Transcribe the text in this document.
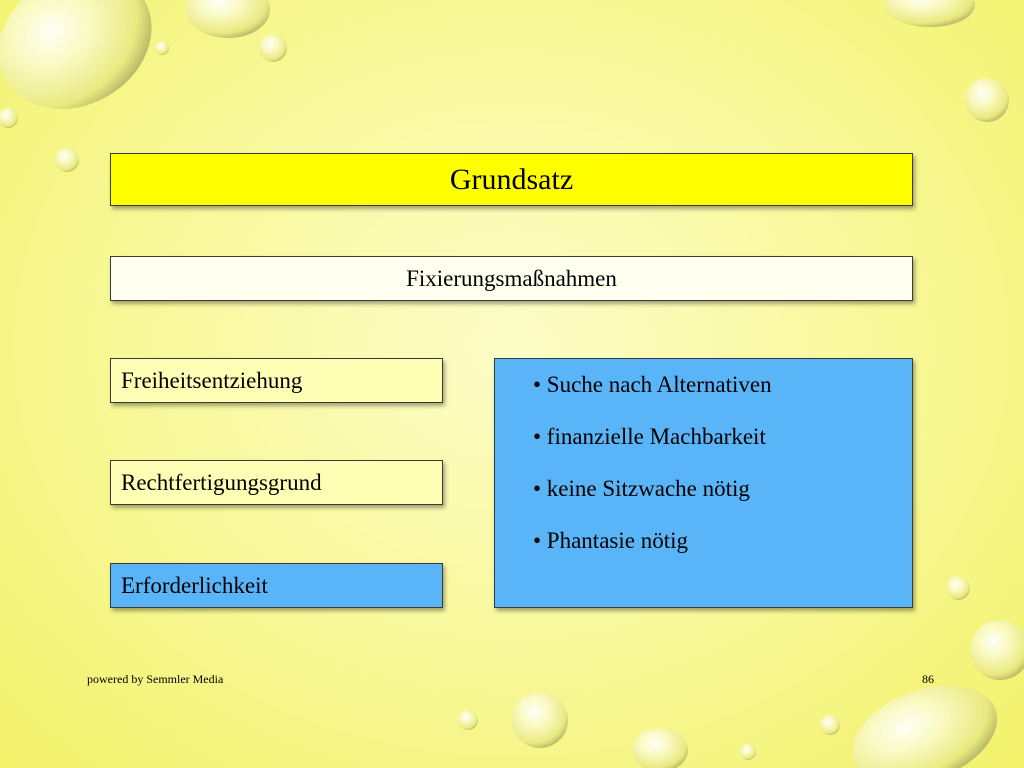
Grundsatz
Fixierungsmaßnahmen
Freiheitsentziehung
Rechtfertigungsgrund
Erforderlichkeit
• Suche nach Alternativen
• finanzielle Machbarkeit
• keine Sitzwache nötig
• Phantasie nötig
powered by Semmler Media	86
